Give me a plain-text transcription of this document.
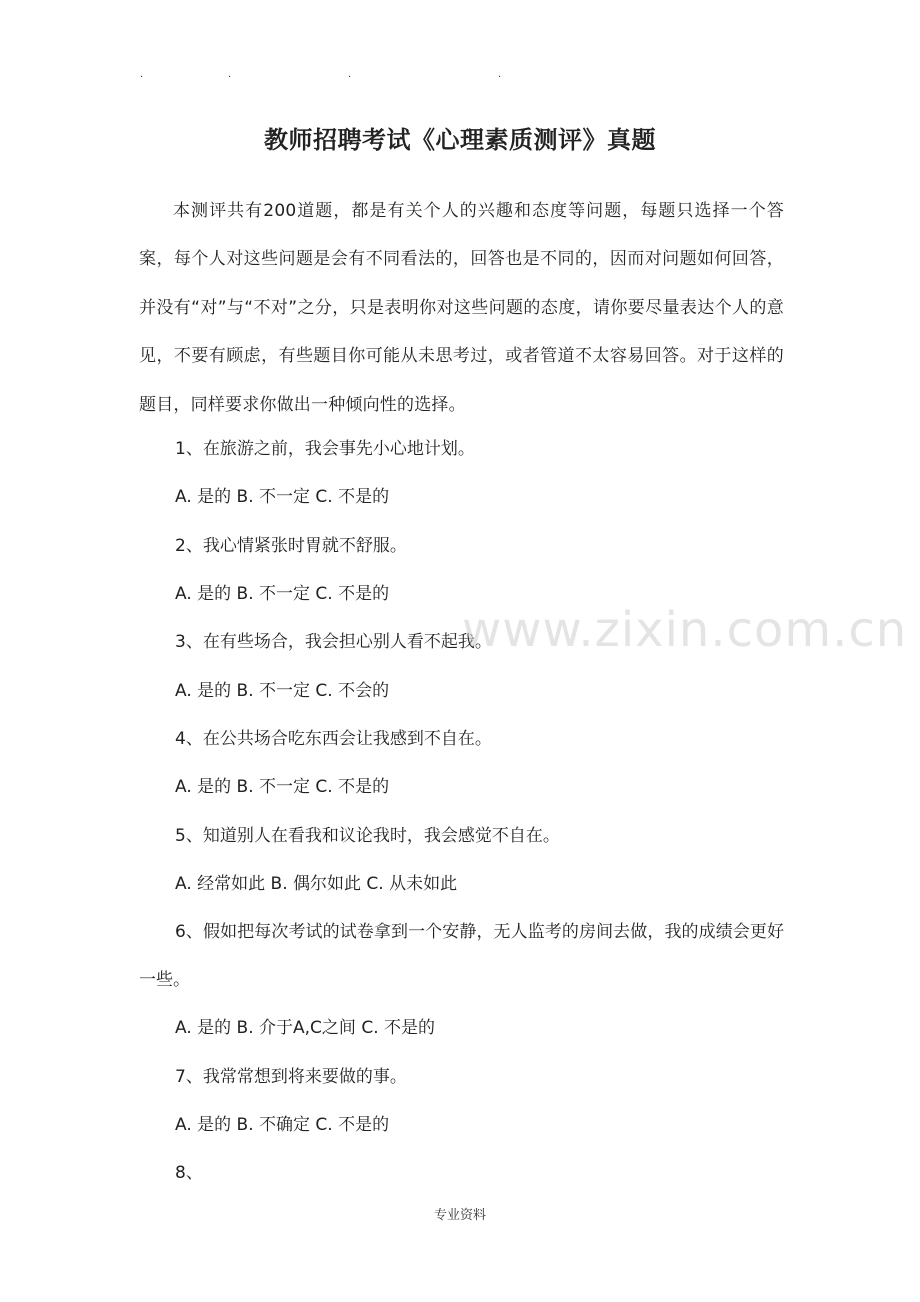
.	.	.	.
教师招聘考试《心理素质测评》真题

本测评共有200道题，都是有关个人的兴趣和态度等问题，每题只选择一个答案，每个人对这些问题是会有不同看法的，回答也是不同的，因而对问题如何回答，并没有“对”与“不对”之分，只是表明你对这些问题的态度，请你要尽量表达个人的意见，不要有顾虑，有些题目你可能从未思考过，或者管道不太容易回答。对于这样的题目，同样要求你做出一种倾向性的选择。

1、在旅游之前，我会事先小心地计划。
A. 是的 B. 不一定 C. 不是的
2、我心情紧张时胃就不舒服。
A. 是的 B. 不一定 C. 不是的
3、在有些场合，我会担心别人看不起我。
A. 是的 B. 不一定 C. 不会的
4、在公共场合吃东西会让我感到不自在。
A. 是的 B. 不一定 C. 不是的
5、知道别人在看我和议论我时，我会感觉不自在。
A. 经常如此 B. 偶尔如此 C. 从未如此

6、假如把每次考试的试卷拿到一个安静，无人监考的房间去做，我的成绩会更好一些。

A. 是的 B. 介于A,C之间 C. 不是的
7、我常常想到将来要做的事。
A. 是的 B. 不确定 C. 不是的
8、
www.zixin.com.cn
专业资料
